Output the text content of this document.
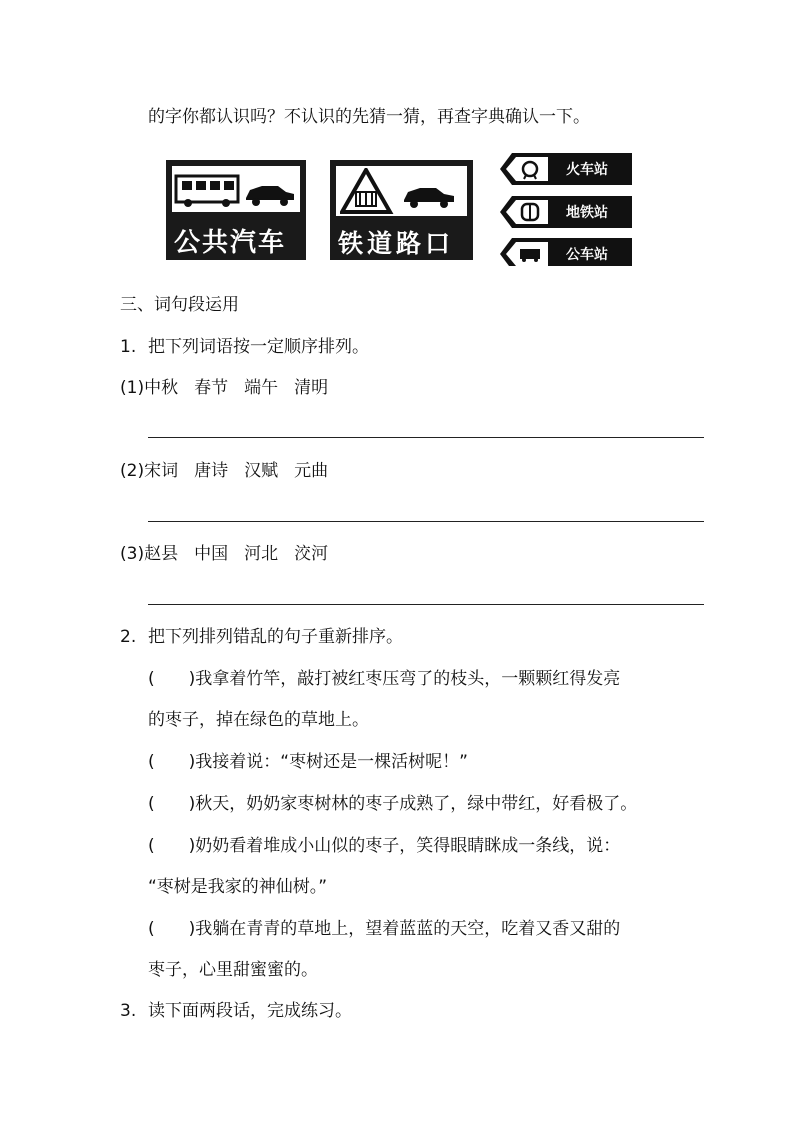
的字你都认识吗？不认识的先猜一猜，再查字典确认一下。
公共汽车站
铁道路口
火车站
地铁站
公车站
三、词句段运用
1. 把下列词语按一定顺序排列。
(1)中秋 春节 端午 清明
(2)宋词 唐诗 汉赋 元曲
(3)赵县 中国 河北 洨河
2. 把下列排列错乱的句子重新排序。
(　　)我拿着竹竿，敲打被红枣压弯了的枝头，一颗颗红得发亮
的枣子，掉在绿色的草地上。
(　　)我接着说：“枣树还是一棵活树呢！”
(　　)秋天，奶奶家枣树林的枣子成熟了，绿中带红，好看极了。
(　　)奶奶看着堆成小山似的枣子，笑得眼睛眯成一条线，说：
“枣树是我家的神仙树。”
(　　)我躺在青青的草地上，望着蓝蓝的天空，吃着又香又甜的
枣子，心里甜蜜蜜的。
3. 读下面两段话，完成练习。
